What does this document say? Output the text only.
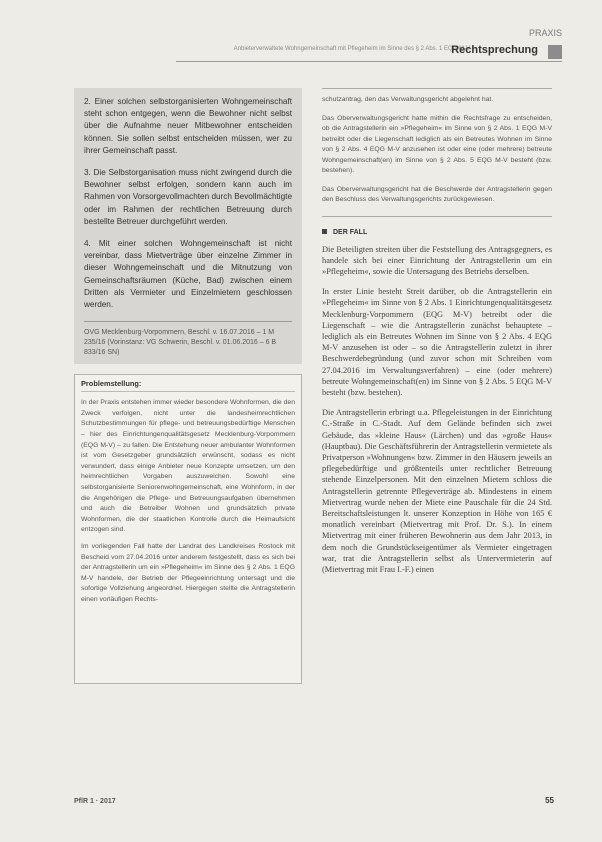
PRAXIS
Anbieterverwaltete Wohngemeinschaft mit Pflegeheim im Sinne des § 2 Abs. 1 EQG M-V
Rechtsprechung

2. Einer solchen selbstorganisierten Wohngemeinschaft steht schon entgegen, wenn die Bewohner nicht selbst über die Aufnahme neuer Mitbewohner entscheiden können. Sie sollen selbst entscheiden müssen, wer zu ihrer Gemeinschaft passt.

3. Die Selbstorganisation muss nicht zwingend durch die Bewohner selbst erfolgen, sondern kann auch im Rahmen von Vorsorgevollmachten durch Bevollmächtigte oder im Rahmen der rechtlichen Betreuung durch bestellte Betreuer durchgeführt werden.

4. Mit einer solchen Wohngemeinschaft ist nicht vereinbar, dass Mietverträge über einzelne Zimmer in dieser Wohngemeinschaft und die Mitnutzung von Gemeinschaftsräumen (Küche, Bad) zwischen einem Dritten als Vermieter und Einzelmietern geschlossen werden.

OVG Mecklenburg-Vorpommern, Beschl. v. 16.07.2016 – 1 M 235/16 (Vorinstanz: VG Schwerin, Beschl. v. 01.06.2016 – 6 B 833/16 SN)
Problemstellung:

In der Praxis entstehen immer wieder besondere Wohnformen, die den Zweck verfolgen, nicht unter die landesheimrechtlichen Schutzbestimmungen für pflege- und betreuungsbedürftige Menschen – hier des Einrichtungenqualitätsgesetz Mecklenburg-Vorpommern (EQG M-V) – zu fallen. Die Entstehung neuer ambulanter Wohnformen ist vom Gesetzgeber grundsätzlich erwünscht, sodass es nicht verwundert, dass einige Anbieter neue Konzepte umsetzen, um den heimrechtlichen Vorgaben auszuweichen. Sowohl eine selbstorganisierte Seniorenwohngemeinschaft, eine Wohnform, in der die Angehörigen die Pflege- und Betreuungsaufgaben übernehmen und auch die Betreiber Wohnen und grundsätzlich private Wohnformen, die der staatlichen Kontrolle durch die Heimaufsicht entzogen sind.

Im vorliegenden Fall hatte der Landrat des Landkreises Rostock mit Bescheid vom 27.04.2016 unter anderem festgestellt, dass es sich bei der Antragstellerin um ein »Pflegeheim« im Sinne des § 2 Abs. 1 EQG M-V handele, der Betrieb der Pflegeeinrichtung untersagt und die sofortige Vollziehung angeordnet. Hiergegen stellte die Antragstellerin einen vorläufigen Rechts-

schutzantrag, den das Verwaltungsgericht abgelehnt hat.

Das Oberverwaltungsgericht hatte mithin die Rechtsfrage zu entscheiden, ob die Antragstellerin ein »Pflegeheim« im Sinne von § 2 Abs. 1 EQG M-V betreibt oder die Liegenschaft lediglich als ein Betreutes Wohnen im Sinne von § 2 Abs. 4 EQG M-V anzusehen ist oder eine (oder mehrere) betreute Wohngemeinschaft(en) im Sinne von § 2 Abs. 5 EQG M-V besteht (bzw. bestehen).

Das Oberverwaltungsgericht hat die Beschwerde der Antragstellerin gegen den Beschluss des Verwaltungsgerichts zurückgewiesen.

DER FALL

Die Beteiligten streiten über die Feststellung des Antragsgegners, es handele sich bei einer Einrichtung der Antragstellerin um ein »Pflegeheim«, sowie die Untersagung des Betriebs derselben.

In erster Linie besteht Streit darüber, ob die Antragstellerin ein »Pflegeheim« im Sinne von § 2 Abs. 1 Einrichtungenqualitätsgesetz Mecklenburg-Vorpommern (EQG M-V) betreibt oder die Liegenschaft – wie die Antragstellerin zunächst behauptete – lediglich als ein Betreutes Wohnen im Sinne von § 2 Abs. 4 EQG M-V anzusehen ist oder – so die Antragstellerin zuletzt in ihrer Beschwerdebegründung (und zuvor schon mit Schreiben vom 27.04.2016 im Verwaltungsverfahren) – eine (oder mehrere) betreute Wohngemeinschaft(en) im Sinne von § 2 Abs. 5 EQG M-V besteht (bzw. bestehen).

Die Antragstellerin erbringt u.a. Pflegeleistungen in der Einrichtung C.-Straße in C.-Stadt. Auf dem Gelände befinden sich zwei Gebäude, das »kleine Haus« (Lärchen) und das »große Haus« (Hauptbau). Die Geschäftsführerin der Antragstellerin vermietete als Privatperson »Wohnungen« bzw. Zimmer in den Häusern jeweils an pflegebedürftige und größtenteils unter rechtlicher Betreuung stehende Einzelpersonen. Mit den einzelnen Mietern schloss die Antragstellerin getrennte Pflegeverträge ab. Mindestens in einem Mietvertrag wurde neben der Miete eine Pauschale für die 24 Std. Bereitschaftsleistungen lt. unserer Konzeption in Höhe von 165 € monatlich vereinbart (Mietvertrag mit Prof. Dr. S.). In einem Mietvertrag mit einer früheren Bewohnerin aus dem Jahr 2013, in dem noch die Grundstückseigentümer als Vermieter eingetragen war, trat die Antragstellerin selbst als Untervermieterin auf (Mietvertrag mit Frau I.-F.) einen

PflR 1 · 2017	55
